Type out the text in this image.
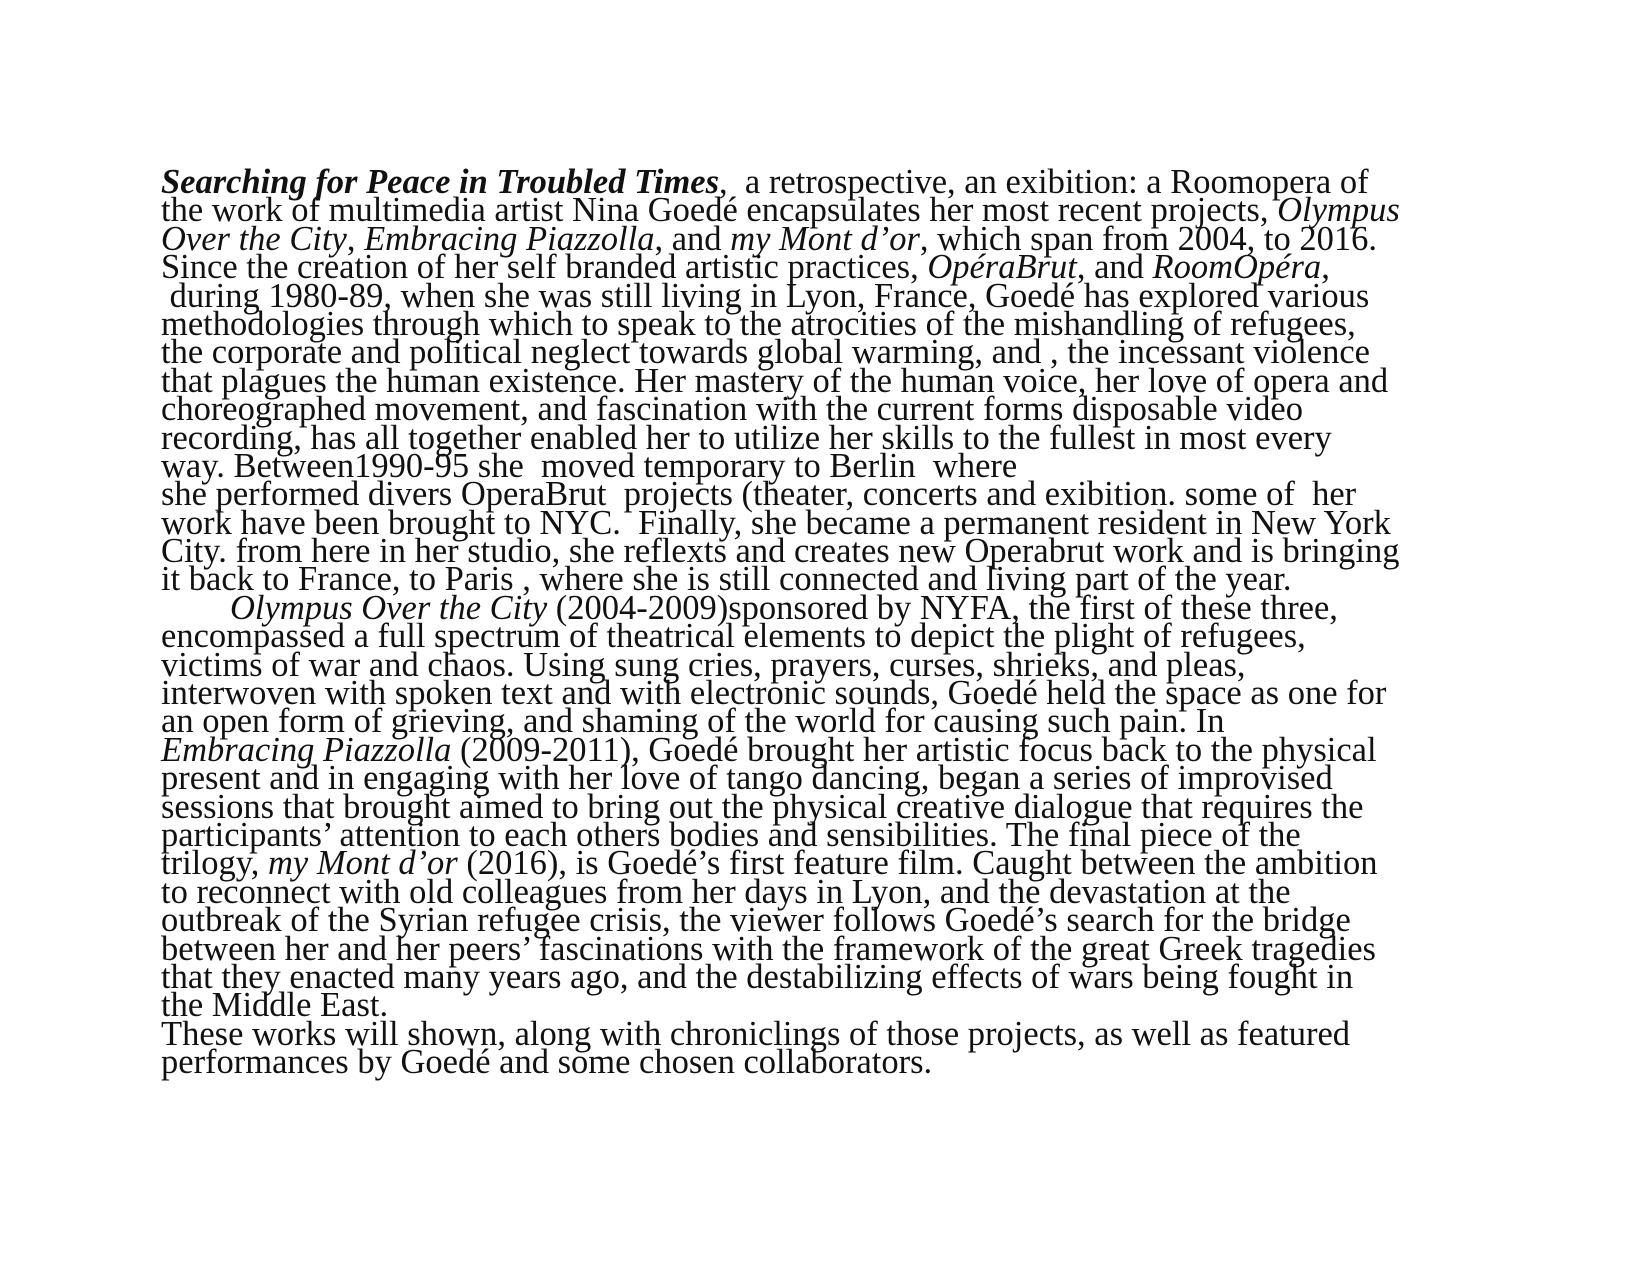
Searching for Peace in Troubled Times,  a retrospective, an exibition: a Roomopera of
the work of multimedia artist Nina Goedé encapsulates her most recent projects, Olympus
Over the City, Embracing Piazzolla, and my Mont d’or, which span from 2004, to 2016.
Since the creation of her self branded artistic practices, OpéraBrut, and RoomOpéra,
during 1980-89, when she was still living in Lyon, France, Goedé has explored various
methodologies through which to speak to the atrocities of the mishandling of refugees,
the corporate and political neglect towards global warming, and , the incessant violence
that plagues the human existence. Her mastery of the human voice, her love of opera and
choreographed movement, and fascination with the current forms disposable video
recording, has all together enabled her to utilize her skills to the fullest in most every
way. Between1990-95 she  moved temporary to Berlin  where
she performed divers OperaBrut  projects (theater, concerts and exibition. some of  her
work have been brought to NYC.  Finally, she became a permanent resident in New York
City. from here in her studio, she reflexts and creates new Operabrut work and is bringing
it back to France, to Paris , where she is still connected and living part of the year.
Olympus Over the City (2004-2009)sponsored by NYFA, the first of these three,
encompassed a full spectrum of theatrical elements to depict the plight of refugees,
victims of war and chaos. Using sung cries, prayers, curses, shrieks, and pleas,
interwoven with spoken text and with electronic sounds, Goedé held the space as one for
an open form of grieving, and shaming of the world for causing such pain. In
Embracing Piazzolla (2009-2011), Goedé brought her artistic focus back to the physical
present and in engaging with her love of tango dancing, began a series of improvised
sessions that brought aimed to bring out the physical creative dialogue that requires the
participants’ attention to each others bodies and sensibilities. The final piece of the
trilogy, my Mont d’or (2016), is Goedé’s first feature film. Caught between the ambition
to reconnect with old colleagues from her days in Lyon, and the devastation at the
outbreak of the Syrian refugee crisis, the viewer follows Goedé’s search for the bridge
between her and her peers’ fascinations with the framework of the great Greek tragedies
that they enacted many years ago, and the destabilizing effects of wars being fought in
the Middle East.
These works will shown, along with chroniclings of those projects, as well as featured
performances by Goedé and some chosen collaborators.
